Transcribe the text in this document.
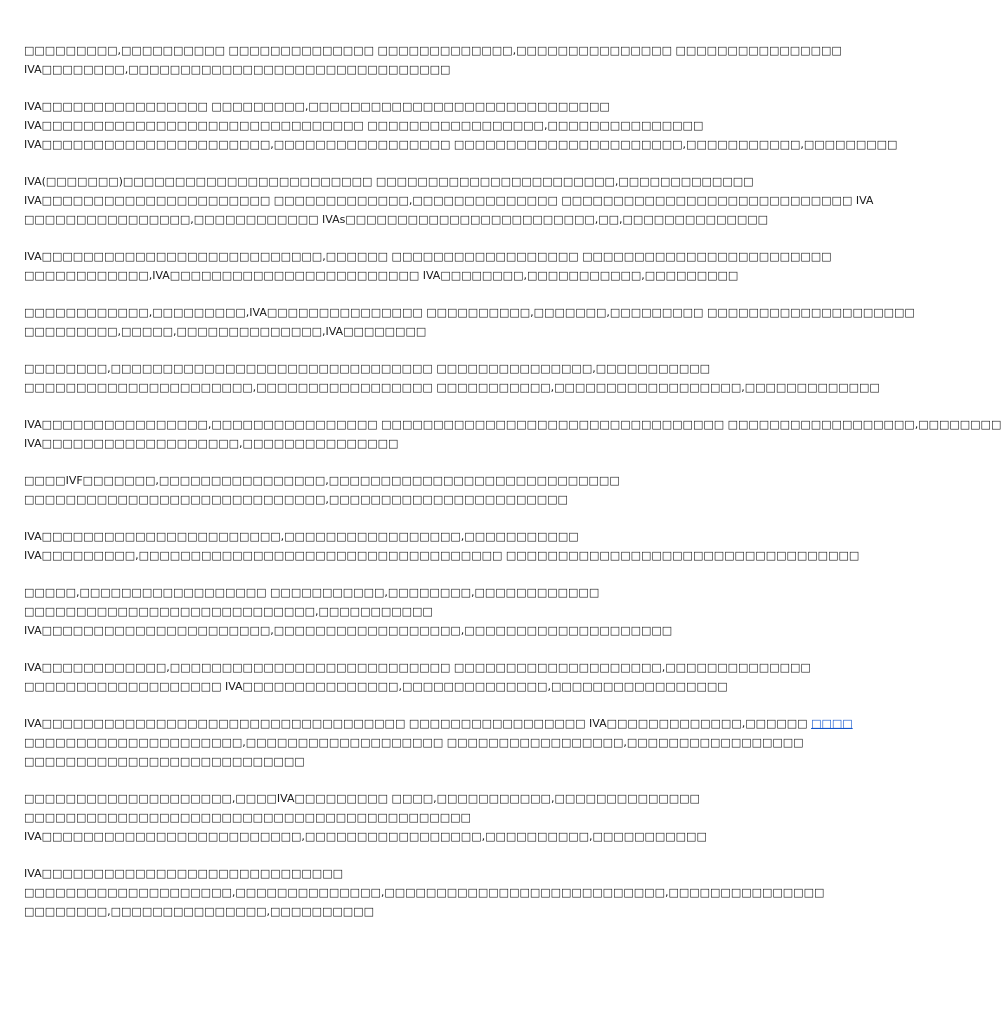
□□□□□□□□□,□□□□□□□□□□ □□□□□□□□□□□□□□ □□□□□□□□□□□□□,□□□□□□□□□□□□□□□ □□□□□□□□□□□□□□□□
IVA□□□□□□□□,□□□□□□□□□□□□□□□□□□□□□□□□□□□□□□□
IVA□□□□□□□□□□□□□□□□ □□□□□□□□□,□□□□□□□□□□□□□□□□□□□□□□□□□□□□□
IVA□□□□□□□□□□□□□□□□□□□□□□□□□□□□□□□ □□□□□□□□□□□□□□□□□,□□□□□□□□□□□□□□□
IVA□□□□□□□□□□□□□□□□□□□□□□,□□□□□□□□□□□□□□□□□ □□□□□□□□□□□□□□□□□□□□□□,□□□□□□□□□□□,□□□□□□□□□
IVA(□□□□□□□)□□□□□□□□□□□□□□□□□□□□□□□□ □□□□□□□□□□□□□□□□□□□□□□□,□□□□□□□□□□□□□
IVA□□□□□□□□□□□□□□□□□□□□□□ □□□□□□□□□□□□□,□□□□□□□□□□□□□□ □□□□□□□□□□□□□□□□□□□□□□□□□□□□ IVA
□□□□□□□□□□□□□□□□,□□□□□□□□□□□□ IVAs□□□□□□□□□□□□□□□□□□□□□□□□,□□,□□□□□□□□□□□□□□
IVA□□□□□□□□□□□□□□□□□□□□□□□□□□□,□□□□□□ □□□□□□□□□□□□□□□□□□ □□□□□□□□□□□□□□□□□□□□□□□□
□□□□□□□□□□□□,IVA□□□□□□□□□□□□□□□□□□□□□□□□ IVA□□□□□□□□,□□□□□□□□□□□,□□□□□□□□□
□□□□□□□□□□□□,□□□□□□□□□,IVA□□□□□□□□□□□□□□□ □□□□□□□□□□,□□□□□□□,□□□□□□□□□ □□□□□□□□□□□□□□□□□□□□
□□□□□□□□□,□□□□□,□□□□□□□□□□□□□□,IVA□□□□□□□□
□□□□□□□□,□□□□□□□□□□□□□□□□□□□□□□□□□□□□□□□ □□□□□□□□□□□□□□□,□□□□□□□□□□□
□□□□□□□□□□□□□□□□□□□□□□,□□□□□□□□□□□□□□□□□ □□□□□□□□□□□,□□□□□□□□□□□□□□□□□□,□□□□□□□□□□□□□
IVA□□□□□□□□□□□□□□□□,□□□□□□□□□□□□□□□□ □□□□□□□□□□□□□□□□□□□□□□□□□□□□□□□□□ □□□□□□□□□□□□□□□□□□,□□□□□□□□
IVA□□□□□□□□□□□□□□□□□□□,□□□□□□□□□□□□□□□
□□□□IVF□□□□□□□,□□□□□□□□□□□□□□□□,□□□□□□□□□□□□□□□□□□□□□□□□□□□□
□□□□□□□□□□□□□□□□□□□□□□□□□□□□□,□□□□□□□□□□□□□□□□□□□□□□□
IVA□□□□□□□□□□□□□□□□□□□□□□□,□□□□□□□□□□□□□□□□□,□□□□□□□□□□□
IVA□□□□□□□□□,□□□□□□□□□□□□□□□□□□□□□□□□□□□□□□□□□□□ □□□□□□□□□□□□□□□□□□□□□□□□□□□□□□□□□□
□□□□□,□□□□□□□□□□□□□□□□□□ □□□□□□□□□□□,□□□□□□□□,□□□□□□□□□□□□
□□□□□□□□□□□□□□□□□□□□□□□□□□□□,□□□□□□□□□□□
IVA□□□□□□□□□□□□□□□□□□□□□□,□□□□□□□□□□□□□□□□□□,□□□□□□□□□□□□□□□□□□□□
IVA□□□□□□□□□□□□,□□□□□□□□□□□□□□□□□□□□□□□□□□□ □□□□□□□□□□□□□□□□□□□□,□□□□□□□□□□□□□□
□□□□□□□□□□□□□□□□□□□ IVA□□□□□□□□□□□□□□□,□□□□□□□□□□□□□□,□□□□□□□□□□□□□□□□□
IVA□□□□□□□□□□□□□□□□□□□□□□□□□□□□□□□□□□□ □□□□□□□□□□□□□□□□□ IVA□□□□□□□□□□□□□,□□□□□□ □□□□
□□□□□□□□□□□□□□□□□□□□□,□□□□□□□□□□□□□□□□□□□ □□□□□□□□□□□□□□□□□,□□□□□□□□□□□□□□□□□
□□□□□□□□□□□□□□□□□□□□□□□□□□□
□□□□□□□□□□□□□□□□□□□□,□□□□IVA□□□□□□□□□ □□□□,□□□□□□□□□□□,□□□□□□□□□□□□□□
□□□□□□□□□□□□□□□□□□□□□□□□□□□□□□□□□□□□□□□□□□□
IVA□□□□□□□□□□□□□□□□□□□□□□□□□,□□□□□□□□□□□□□□□□□,□□□□□□□□□□,□□□□□□□□□□□
IVA□□□□□□□□□□□□□□□□□□□□□□□□□□□□□
□□□□□□□□□□□□□□□□□□□□,□□□□□□□□□□□□□□,□□□□□□□□□□□□□□□□□□□□□□□□□□□,□□□□□□□□□□□□□□□
□□□□□□□□,□□□□□□□□□□□□□□□,□□□□□□□□□□
